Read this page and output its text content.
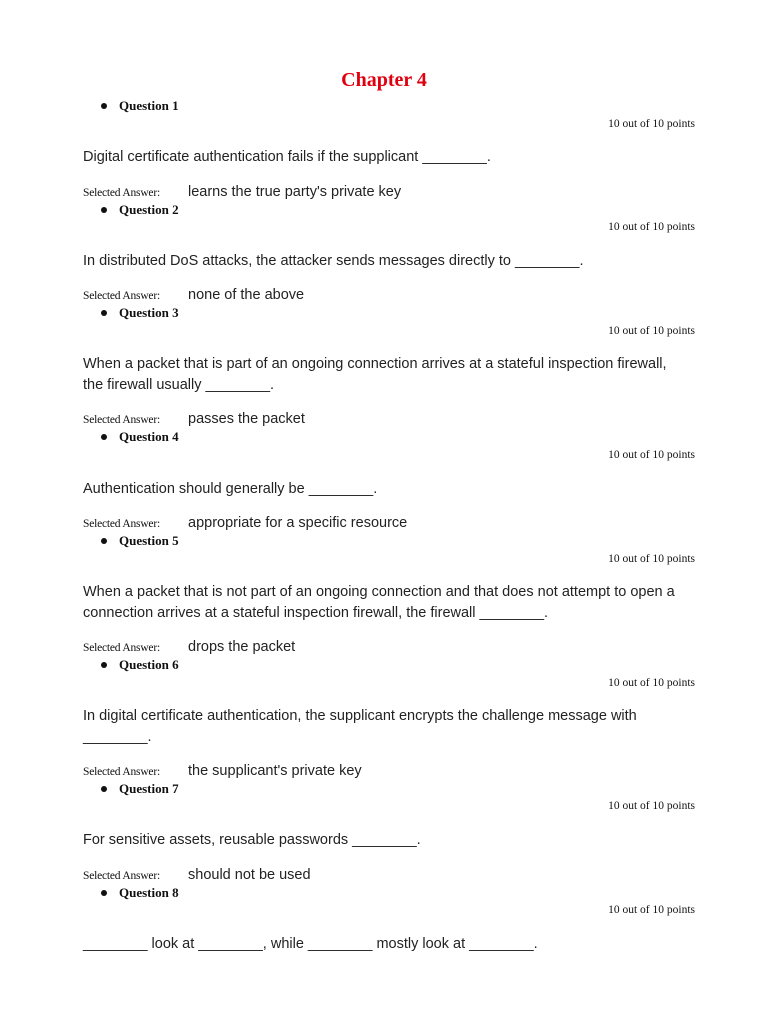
Chapter 4
Question 1
10 out of 10 points
Digital certificate authentication fails if the supplicant ________.
Selected Answer: learns the true party's private key
Question 2
10 out of 10 points
In distributed DoS attacks, the attacker sends messages directly to ________.
Selected Answer: none of the above
Question 3
10 out of 10 points
When a packet that is part of an ongoing connection arrives at a stateful inspection firewall, the firewall usually ________.
Selected Answer: passes the packet
Question 4
10 out of 10 points
Authentication should generally be ________.
Selected Answer: appropriate for a specific resource
Question 5
10 out of 10 points
When a packet that is not part of an ongoing connection and that does not attempt to open a connection arrives at a stateful inspection firewall, the firewall ________.
Selected Answer: drops the packet
Question 6
10 out of 10 points
In digital certificate authentication, the supplicant encrypts the challenge message with ________.
Selected Answer: the supplicant's private key
Question 7
10 out of 10 points
For sensitive assets, reusable passwords ________.
Selected Answer: should not be used
Question 8
10 out of 10 points
________ look at ________, while ________ mostly look at ________.
